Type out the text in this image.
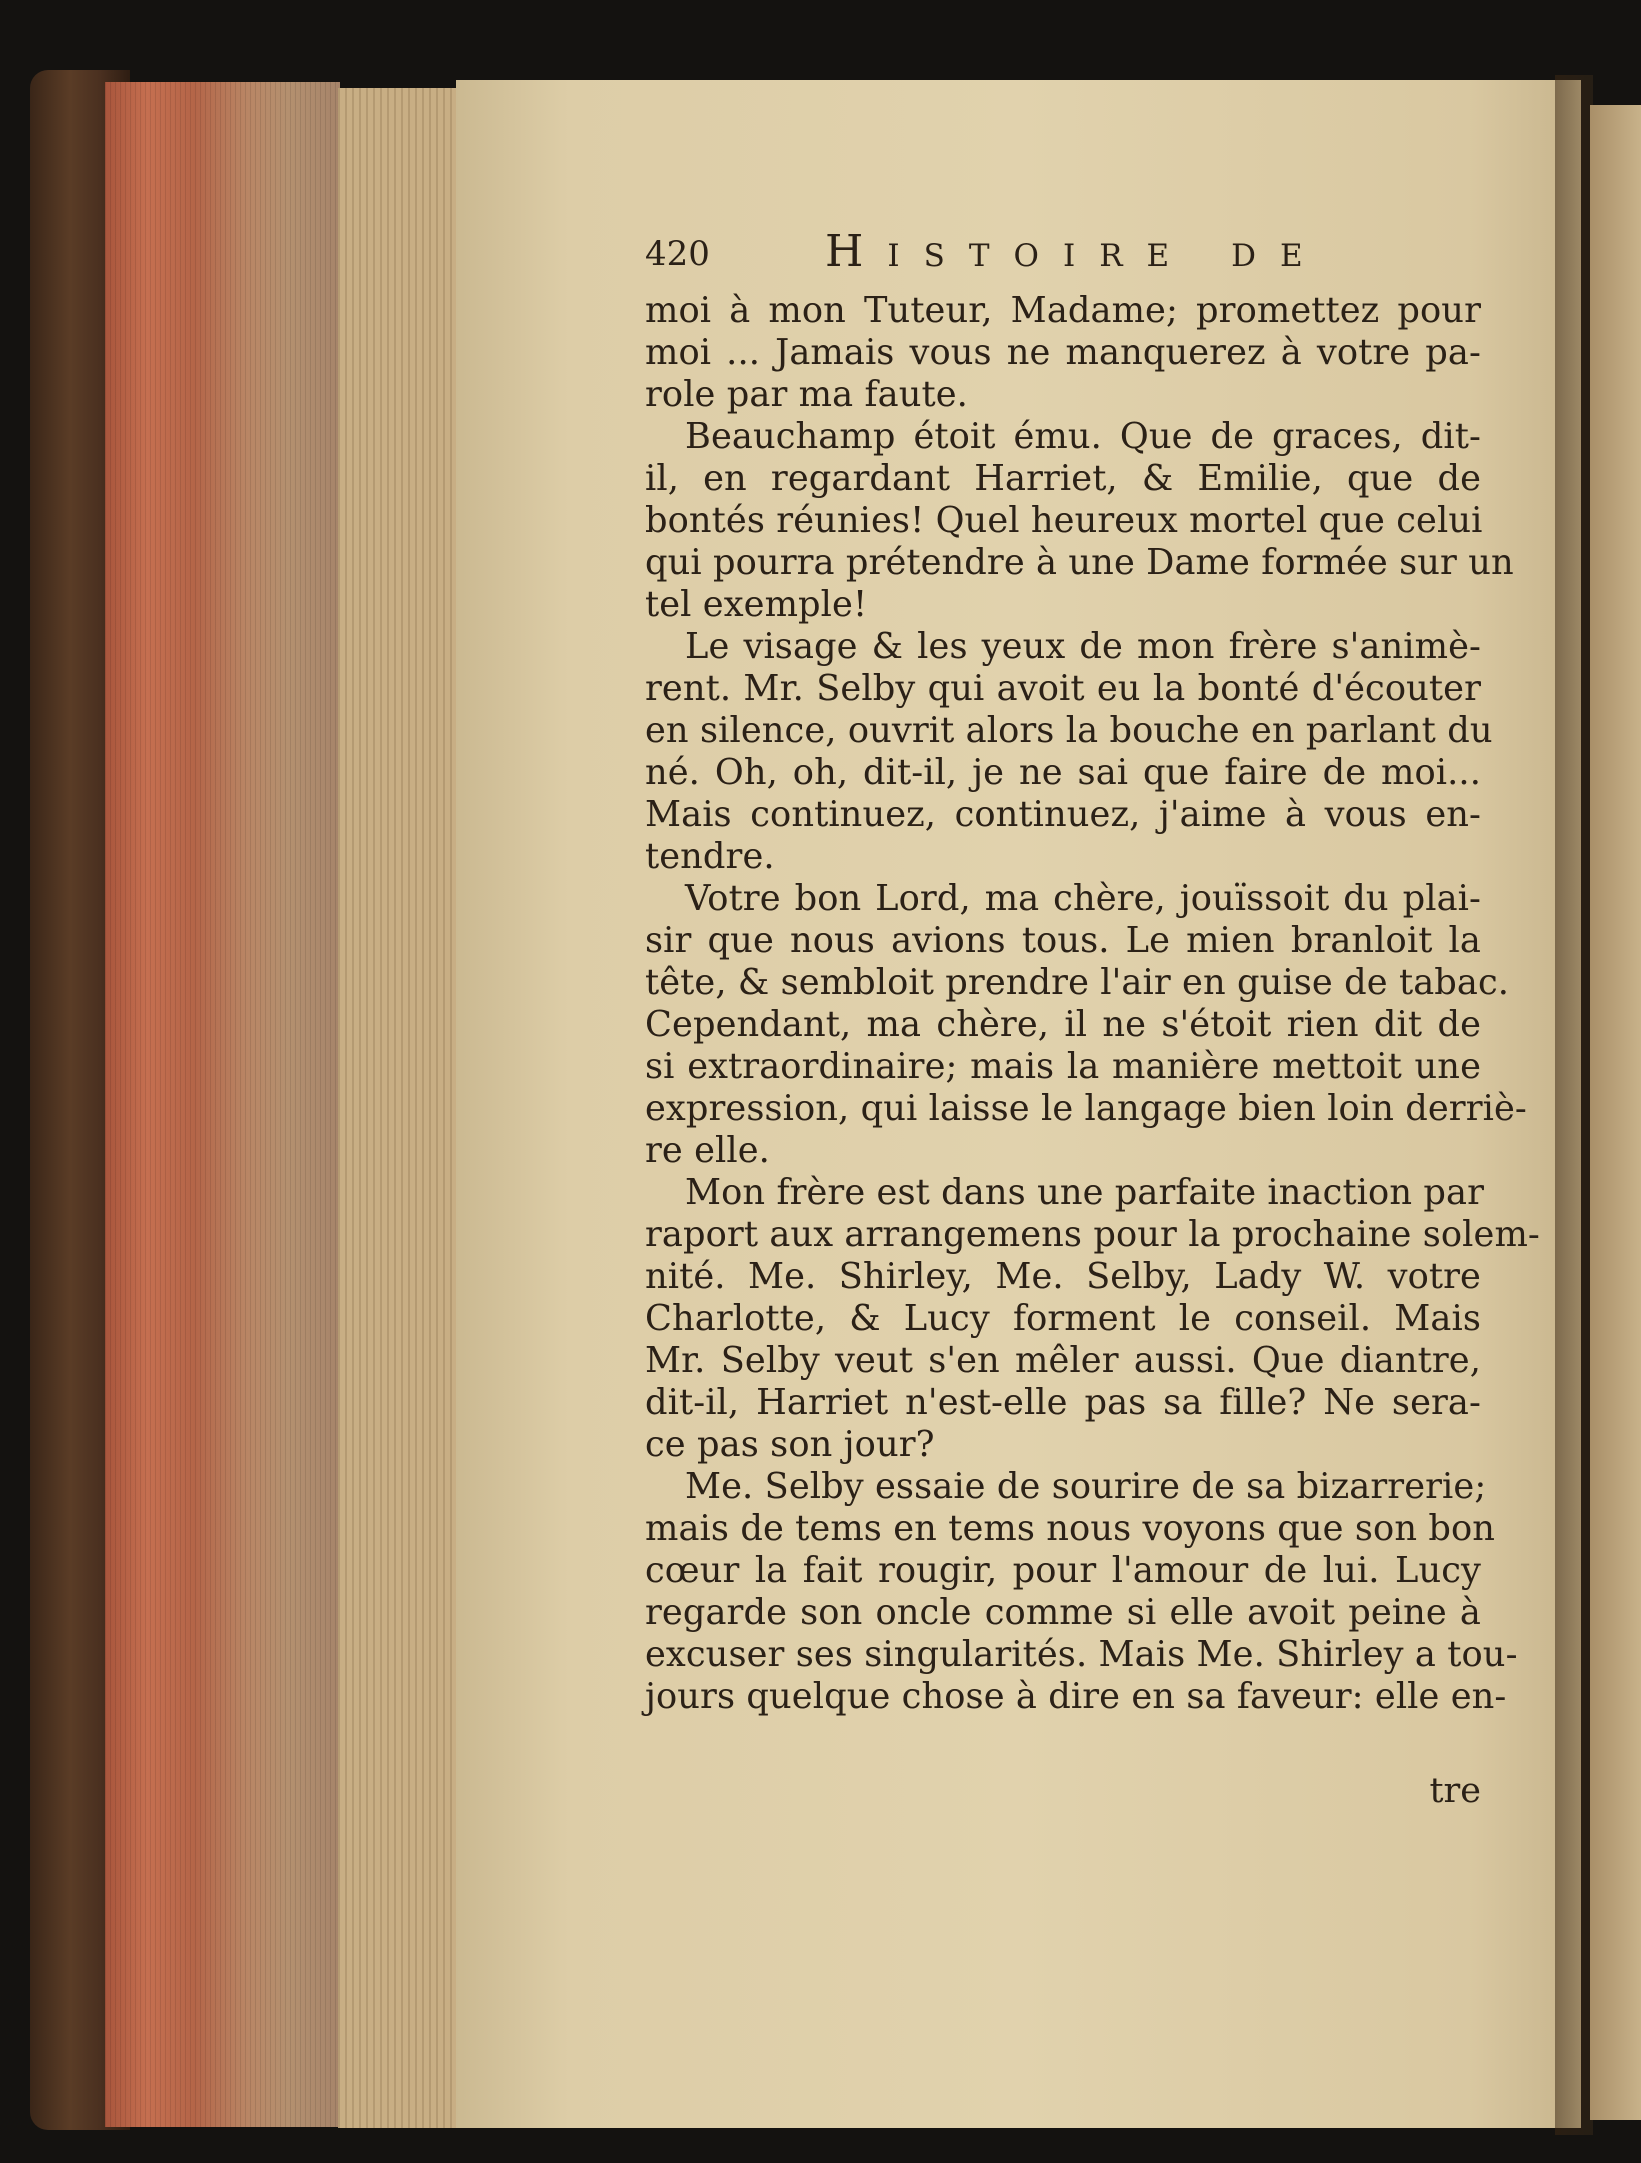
420	Histoire de
moi à mon Tuteur, Madame; promettez pour
moi ... Jamais vous ne manquerez à votre pa-
role par ma faute.
Beauchamp étoit ému. Que de graces, dit-
il, en regardant Harriet, & Emilie, que de
bontés réunies! Quel heureux mortel que celui
qui pourra prétendre à une Dame formée sur un
tel exemple!
Le visage & les yeux de mon frère s'animè-
rent. Mr. Selby qui avoit eu la bonté d'écouter
en silence, ouvrit alors la bouche en parlant du
né. Oh, oh, dit-il, je ne sai que faire de moi...
Mais continuez, continuez, j'aime à vous en-
tendre.
Votre bon Lord, ma chère, jouïssoit du plai-
sir que nous avions tous. Le mien branloit la
tête, & sembloit prendre l'air en guise de tabac.
Cependant, ma chère, il ne s'étoit rien dit de
si extraordinaire; mais la manière mettoit une
expression, qui laisse le langage bien loin derriè-
re elle.
Mon frère est dans une parfaite inaction par
raport aux arrangemens pour la prochaine solem-
nité. Me. Shirley, Me. Selby, Lady W. votre
Charlotte, & Lucy forment le conseil. Mais
Mr. Selby veut s'en mêler aussi. Que diantre,
dit-il, Harriet n'est-elle pas sa fille? Ne sera-
ce pas son jour?
Me. Selby essaie de sourire de sa bizarrerie;
mais de tems en tems nous voyons que son bon
cœur la fait rougir, pour l'amour de lui. Lucy
regarde son oncle comme si elle avoit peine à
excuser ses singularités. Mais Me. Shirley a tou-
jours quelque chose à dire en sa faveur: elle en-
tre
